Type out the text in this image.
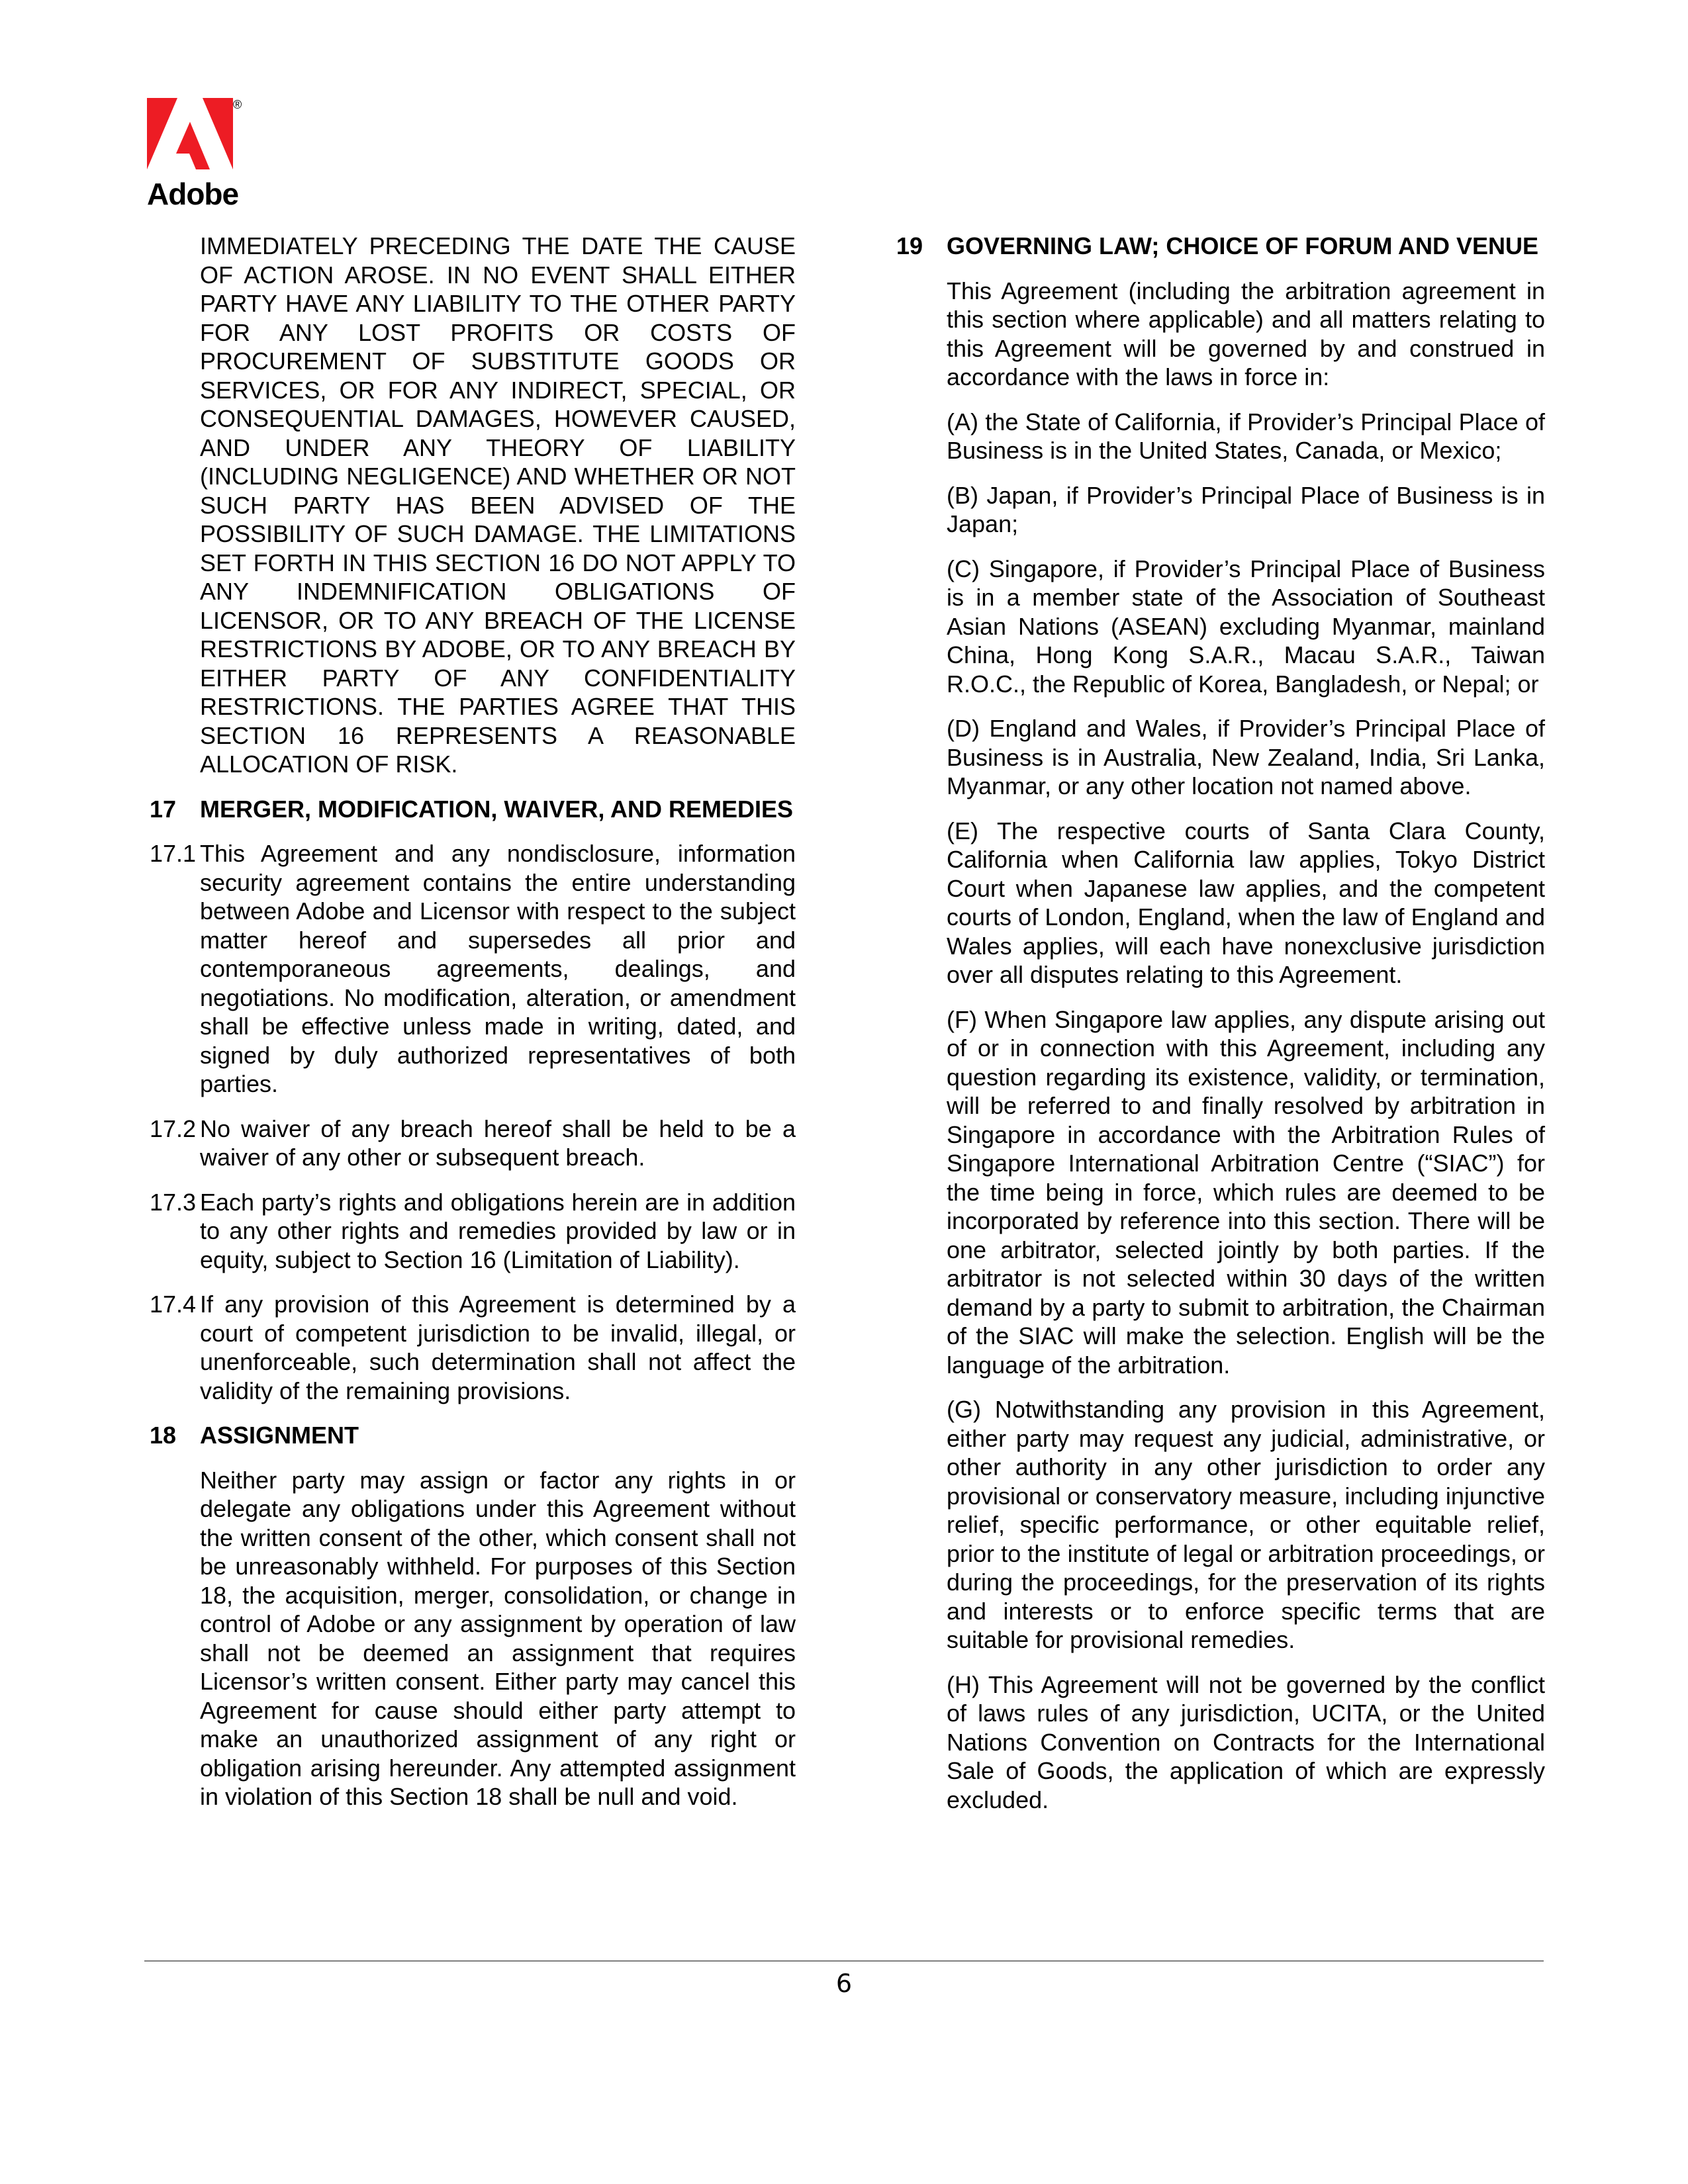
®
Adobe

IMMEDIATELY PRECEDING THE DATE THE CAUSE OF ACTION AROSE. IN NO EVENT SHALL EITHER PARTY HAVE ANY LIABILITY TO THE OTHER PARTY FOR ANY LOST PROFITS OR COSTS OF PROCUREMENT OF SUBSTITUTE GOODS OR SERVICES, OR FOR ANY INDIRECT, SPECIAL, OR CONSEQUENTIAL DAMAGES, HOWEVER CAUSED, AND UNDER ANY THEORY OF LIABILITY (INCLUDING NEGLIGENCE) AND WHETHER OR NOT SUCH PARTY HAS BEEN ADVISED OF THE POSSIBILITY OF SUCH DAMAGE. THE LIMITATIONS SET FORTH IN THIS SECTION 16 DO NOT APPLY TO ANY INDEMNIFICATION OBLIGATIONS OF LICENSOR, OR TO ANY BREACH OF THE LICENSE RESTRICTIONS BY ADOBE, OR TO ANY BREACH BY EITHER PARTY OF ANY CONFIDENTIALITY RESTRICTIONS. THE PARTIES AGREE THAT THIS SECTION 16 REPRESENTS A REASONABLE ALLOCATION OF RISK.

17 MERGER, MODIFICATION, WAIVER, AND REMEDIES
17.1 This Agreement and any nondisclosure, information security agreement contains the entire understanding between Adobe and Licensor with respect to the subject matter hereof and supersedes all prior and contemporaneous agreements, dealings, and negotiations. No modification, alteration, or amendment shall be effective unless made in writing, dated, and signed by duly authorized representatives of both parties.
17.2 No waiver of any breach hereof shall be held to be a waiver of any other or subsequent breach.
17.3 Each party’s rights and obligations herein are in addition to any other rights and remedies provided by law or in equity, subject to Section 16 (Limitation of Liability).
17.4 If any provision of this Agreement is determined by a court of competent jurisdiction to be invalid, illegal, or unenforceable, such determination shall not affect the validity of the remaining provisions.
18 ASSIGNMENT

Neither party may assign or factor any rights in or delegate any obligations under this Agreement without the written consent of the other, which consent shall not be unreasonably withheld. For purposes of this Section 18, the acquisition, merger, consolidation, or change in control of Adobe or any assignment by operation of law shall not be deemed an assignment that requires Licensor’s written consent. Either party may cancel this Agreement for cause should either party attempt to make an unauthorized assignment of any right or obligation arising hereunder. Any attempted assignment in violation of this Section 18 shall be null and void.

19 GOVERNING LAW; CHOICE OF FORUM AND VENUE

This Agreement (including the arbitration agreement in this section where applicable) and all matters relating to this Agreement will be governed by and construed in accordance with the laws in force in:

(A) the State of California, if Provider’s Principal Place of Business is in the United States, Canada, or Mexico;

(B) Japan, if Provider’s Principal Place of Business is in Japan;

(C) Singapore, if Provider’s Principal Place of Business is in a member state of the Association of Southeast Asian Nations (ASEAN) excluding Myanmar, mainland China, Hong Kong S.A.R., Macau S.A.R., Taiwan R.O.C., the Republic of Korea, Bangladesh, or Nepal; or

(D) England and Wales, if Provider’s Principal Place of Business is in Australia, New Zealand, India, Sri Lanka, Myanmar, or any other location not named above.

(E) The respective courts of Santa Clara County, California when California law applies, Tokyo District Court when Japanese law applies, and the competent courts of London, England, when the law of England and Wales applies, will each have nonexclusive jurisdiction over all disputes relating to this Agreement.

(F) When Singapore law applies, any dispute arising out of or in connection with this Agreement, including any question regarding its existence, validity, or termination, will be referred to and finally resolved by arbitration in Singapore in accordance with the Arbitration Rules of Singapore International Arbitration Centre (“SIAC”) for the time being in force, which rules are deemed to be incorporated by reference into this section. There will be one arbitrator, selected jointly by both parties. If the arbitrator is not selected within 30 days of the written demand by a party to submit to arbitration, the Chairman of the SIAC will make the selection. English will be the language of the arbitration.

(G) Notwithstanding any provision in this Agreement, either party may request any judicial, administrative, or other authority in any other jurisdiction to order any provisional or conservatory measure, including injunctive relief, specific performance, or other equitable relief, prior to the institute of legal or arbitration proceedings, or during the proceedings, for the preservation of its rights and interests or to enforce specific terms that are suitable for provisional remedies.

(H) This Agreement will not be governed by the conflict of laws rules of any jurisdiction, UCITA, or the United Nations Convention on Contracts for the International Sale of Goods, the application of which are expressly excluded.

6
